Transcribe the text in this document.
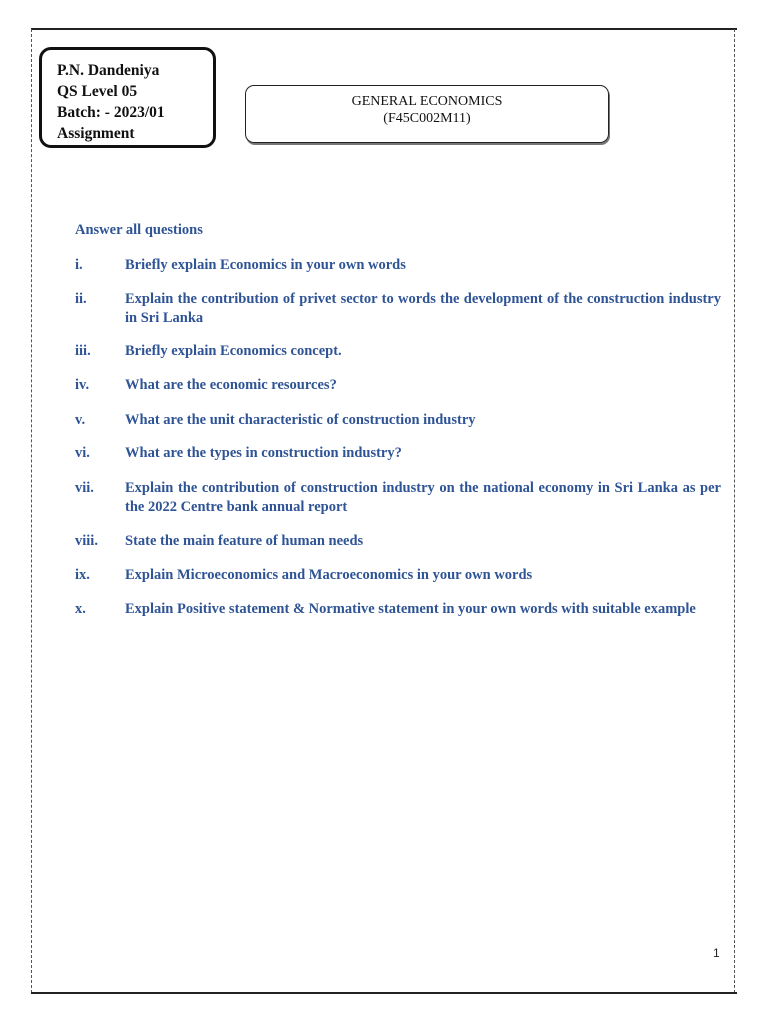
P.N. Dandeniya
QS Level 05
Batch: - 2023/01
Assignment
GENERAL ECONOMICS
(F45C002M11)
Answer all questions
i.	Briefly explain Economics in your own words
ii.	Explain the contribution of privet sector to words the development of the construction industry in Sri Lanka
iii.	Briefly explain Economics concept.
iv.	What are the economic resources?
v.	What are the unit characteristic of construction industry
vi.	What are the types in construction industry?
vii.	Explain the contribution of construction industry on the national economy in Sri Lanka as per the 2022 Centre bank annual report
viii.	State the main feature of human needs
ix.	Explain Microeconomics and Macroeconomics in your own words
x.	Explain Positive statement & Normative statement in your own words with suitable example
1
